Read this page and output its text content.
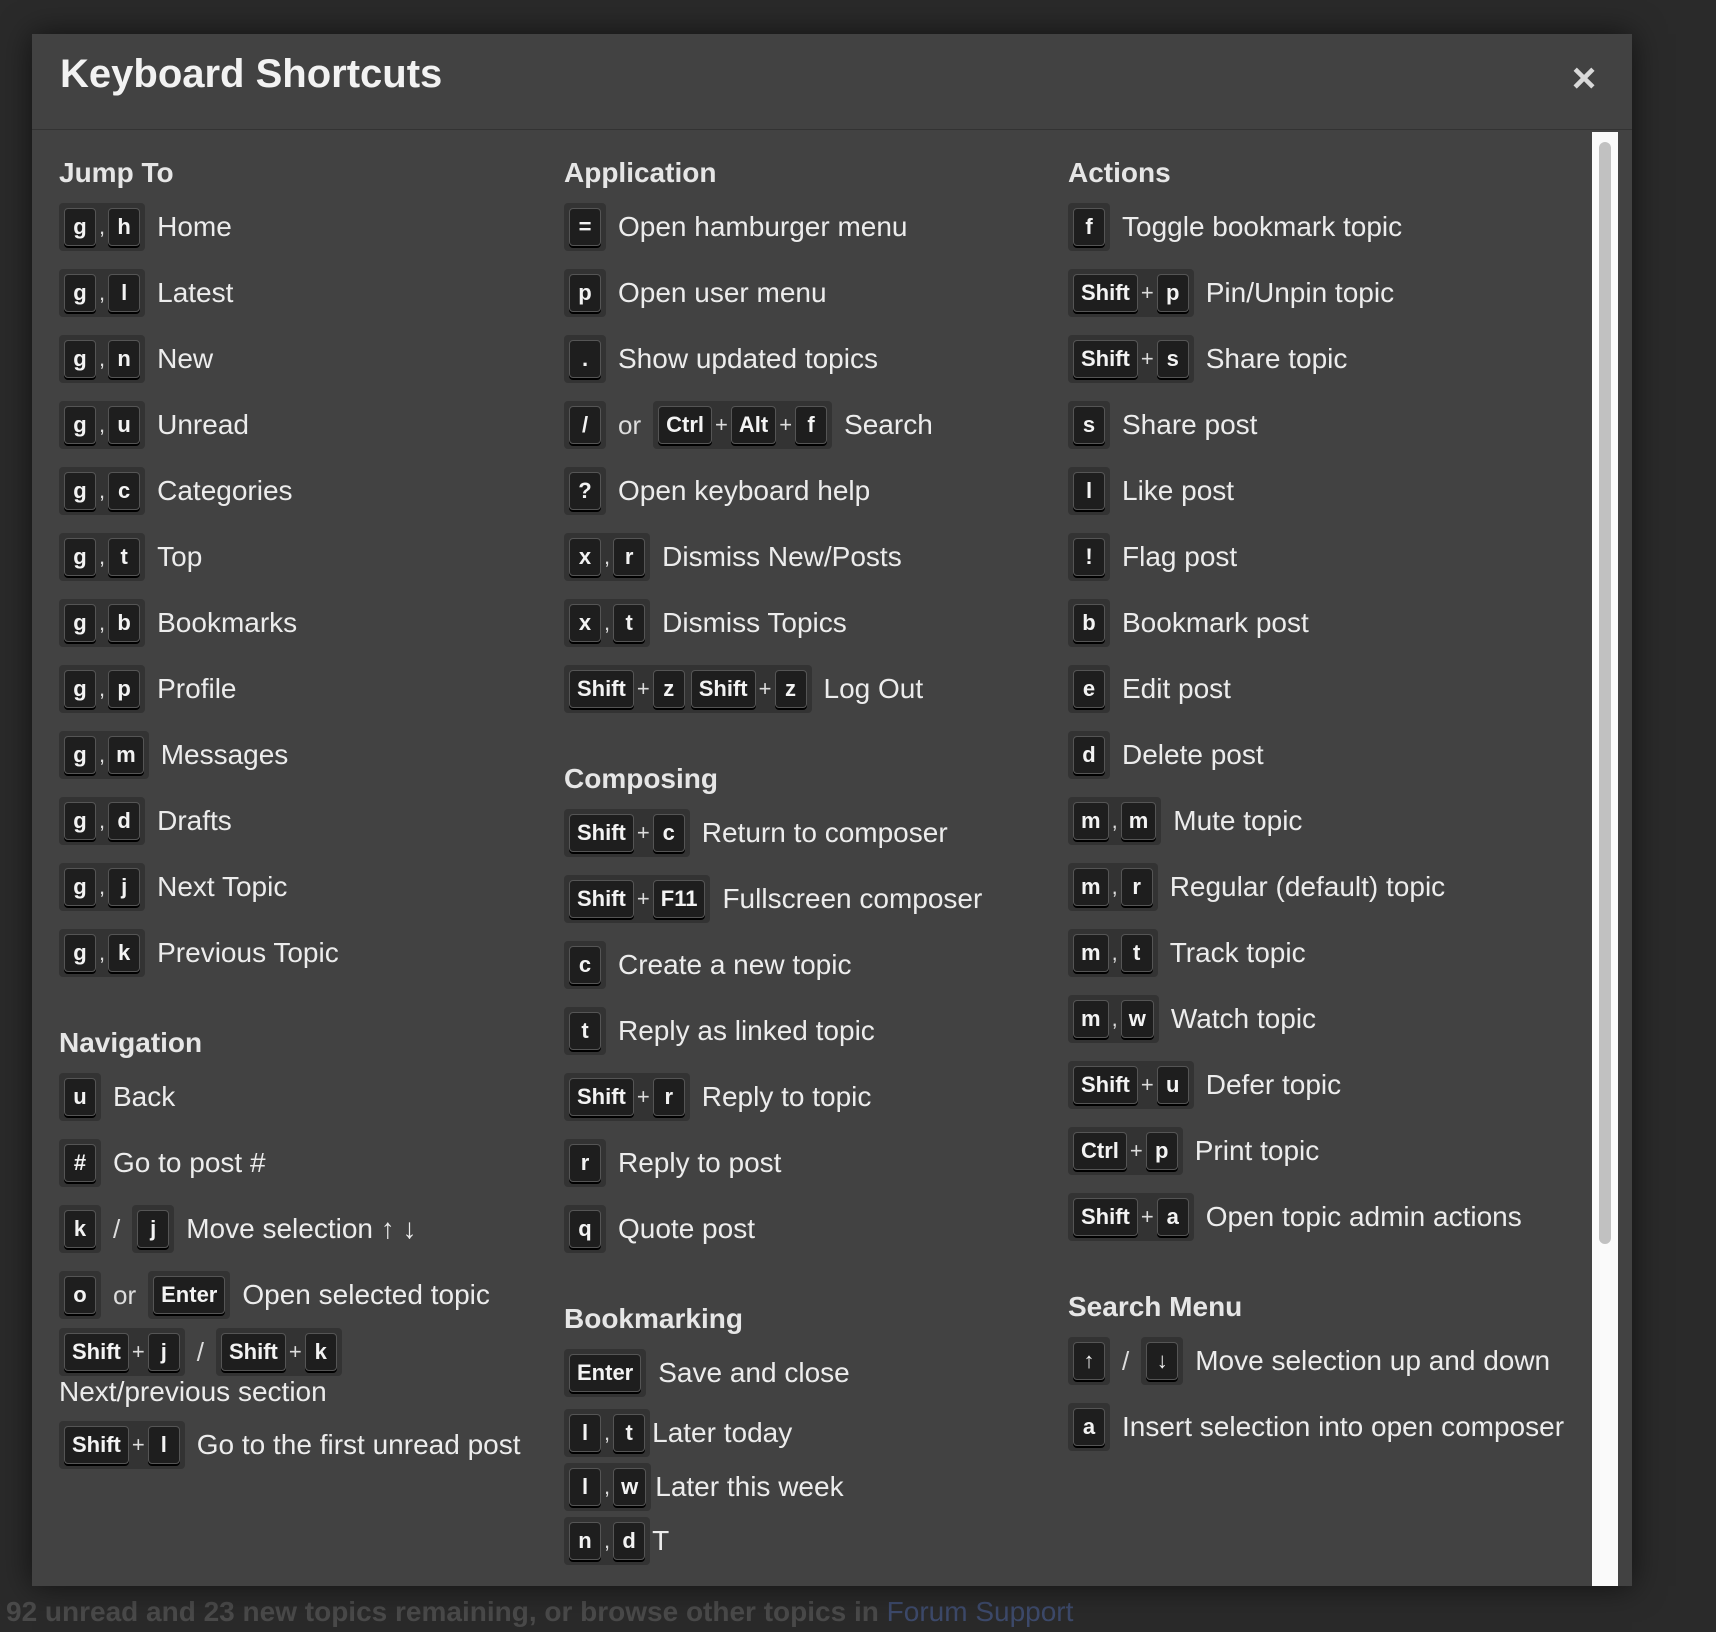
92 unread and 23 new topics remaining, or browse other topics in Forum Support
Keyboard Shortcuts	×
Jump To
g , h Home
g , l	Latest
g , n New
g , u Unread
g , c Categories
g , t	Top
g , b Bookmarks
g , p Profile
g , m Messages
g , d Drafts
g , j	Next Topic
g , k Previous Topic
Navigation
u Back
# Go to post #
k	/	j	Move selection ↑ ↓
o	or	Enter Open selected topic
Shift + j	/	Shift + k
Next/previous section
Shift + l	Go to the first unread post
Application
= Open hamburger menu
p Open user menu
.	Show updated topics
/	or	Ctrl + Alt + f	Search
? Open keyboard help
x , r	Dismiss New/Posts
x , t	Dismiss Topics
Shift + z	Shift + z Log Out
Composing
Shift + c Return to composer
Shift + F11 Fullscreen composer
c Create a new topic
t	Reply as linked topic
Shift + r	Reply to topic
r	Reply to post
q Quote post
Bookmarking
Enter Save and close
l , t Later today
l , w Later this week
n , d T
Actions
f	Toggle bookmark topic
Shift + p Pin/Unpin topic
Shift + s Share topic
s Share post
l	Like post
!	Flag post
b Bookmark post
e Edit post
d Delete post
m , m Mute topic
m , r	Regular (default) topic
m , t	Track topic
m , w Watch topic
Shift + u Defer topic
Ctrl + p Print topic
Shift + a Open topic admin actions
Search Menu
↑	/	↓ Move selection up and down
a Insert selection into open composer
